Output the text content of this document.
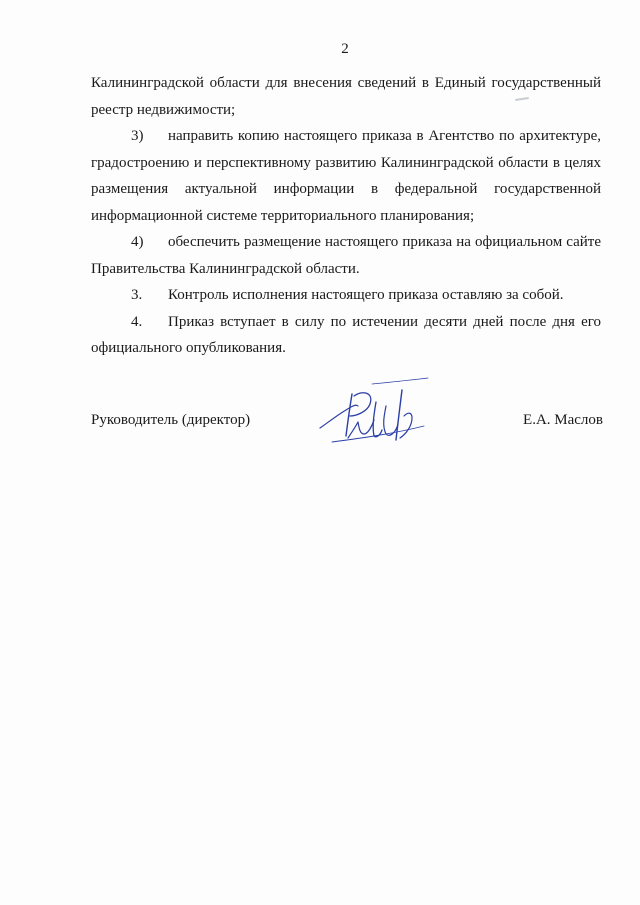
2

Калининградской области для внесения сведений в Единый государственный реестр недвижимости;

3) направить копию настоящего приказа в Агентство по архитектуре, градостроению и перспективному развитию Калининградской области в целях размещения актуальной информации в федеральной государственной информационной системе территориального планирования;

4) обеспечить размещение настоящего приказа на официальном сайте Правительства Калининградской области.

3. Контроль исполнения настоящего приказа оставляю за собой.

4. Приказ вступает в силу по истечении десяти дней после дня его официального опубликования.

Руководитель (директор)	Е.А. Маслов
